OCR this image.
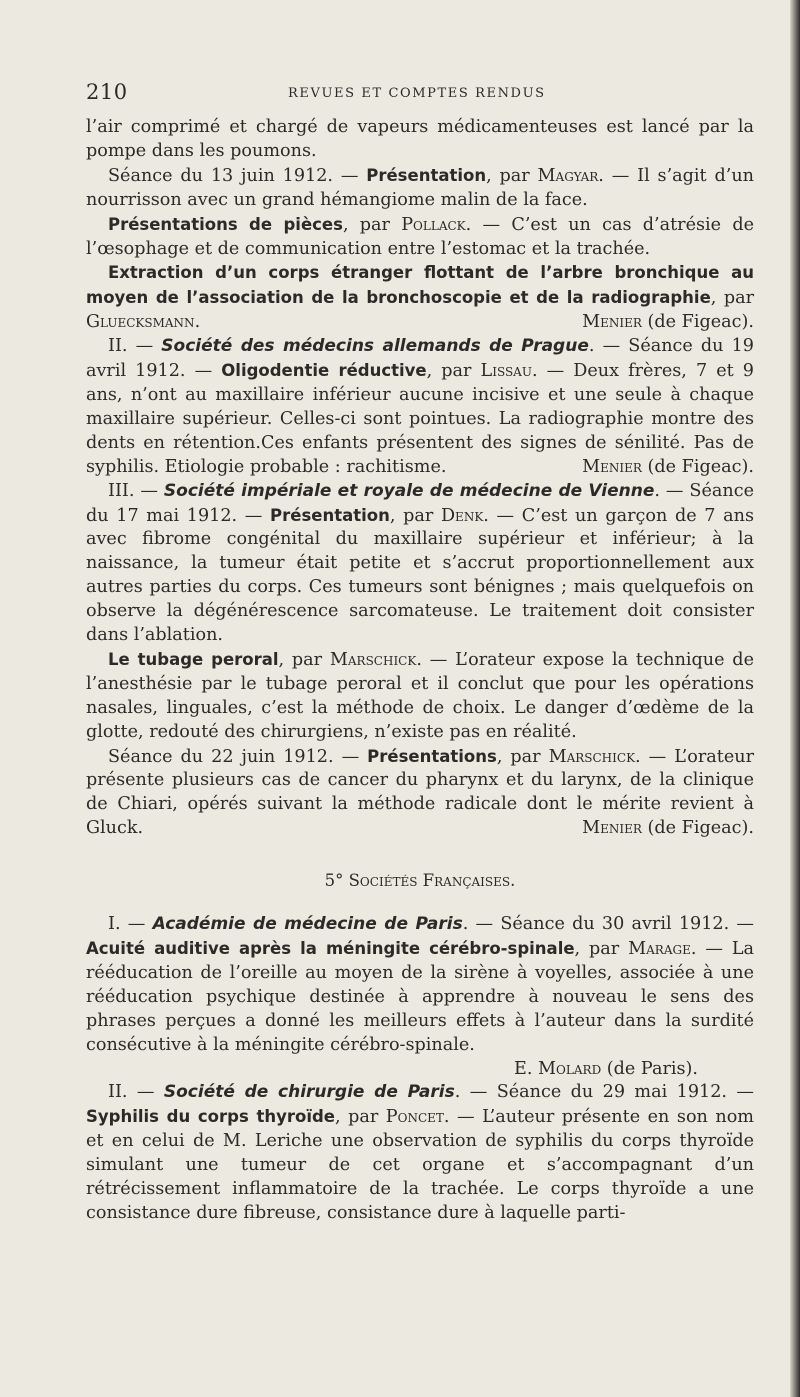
210	REVUES ET COMPTES RENDUS

l’air comprimé et chargé de vapeurs médicamenteuses est lancé par la pompe dans les poumons.

Séance du 13 juin 1912. — Présentation, par Magyar. — Il s’agit d’un nourrisson avec un grand hémangiome malin de la face.

Présentations de pièces, par Pollack. — C’est un cas d’atrésie de l’œsophage et de communication entre l’estomac et la trachée.

Extraction d’un corps étranger flottant de l’arbre bronchique au moyen de l’association de la bronchoscopie et de la radiographie, par Gluecksmann.	Menier (de Figeac).

II. — Société des médecins allemands de Prague. — Séance du 19 avril 1912. — Oligodentie réductive, par Lissau. — Deux frères, 7 et 9 ans, n’ont au maxillaire inférieur aucune incisive et une seule à chaque maxillaire supérieur. Celles-ci sont pointues. La radiographie montre des dents en rétention.Ces enfants présentent des signes de sénilité. Pas de syphilis. Etiologie probable : rachitisme.	Menier (de Figeac).

III. — Société impériale et royale de médecine de Vienne. — Séance du 17 mai 1912. — Présentation, par Denk. — C’est un garçon de 7 ans avec fibrome congénital du maxillaire supérieur et inférieur; à la naissance, la tumeur était petite et s’accrut proportionnellement aux autres parties du corps. Ces tumeurs sont bénignes ; mais quelquefois on observe la dégénérescence sarcomateuse. Le traitement doit consister dans l’ablation.

Le tubage peroral, par Marschick. — L’orateur expose la technique de l’anesthésie par le tubage peroral et il conclut que pour les opérations nasales, linguales, c’est la méthode de choix. Le danger d’œdème de la glotte, redouté des chirurgiens, n’existe pas en réalité.

Séance du 22 juin 1912. — Présentations, par Marschick. — L’orateur présente plusieurs cas de cancer du pharynx et du larynx, de la clinique de Chiari, opérés suivant la méthode radicale dont le mérite revient à Gluck.	Menier (de Figeac).

5° Sociétés Françaises.

I. — Académie de médecine de Paris. — Séance du 30 avril 1912. — Acuité auditive après la méningite cérébro-spinale, par Marage. — La rééducation de l’oreille au moyen de la sirène à voyelles, associée à une rééducation psychique destinée à apprendre à nouveau le sens des phrases perçues a donné les meilleurs effets à l’auteur dans la surdité consécutive à la méningite cérébro-spinale.

E. Molard (de Paris).

II. — Société de chirurgie de Paris. — Séance du 29 mai 1912. — Syphilis du corps thyroïde, par Poncet. — L’auteur présente en son nom et en celui de M. Leriche une observation de syphilis du corps thyroïde simulant une tumeur de cet organe et s’accompagnant d’un rétrécissement inflammatoire de la trachée. Le corps thyroïde a une consistance dure fibreuse, consistance dure à laquelle parti-
